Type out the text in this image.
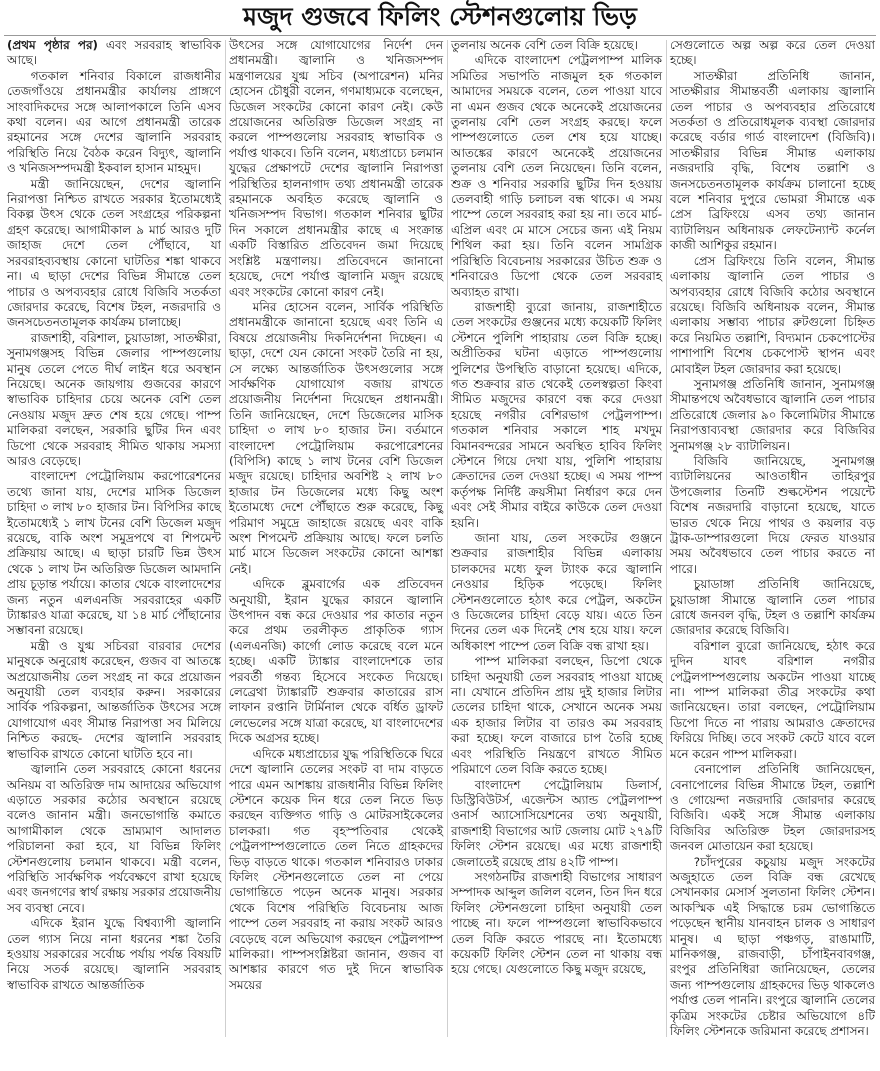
মজুদ গুজবে ফিলিং স্টেশনগুলোয় ভিড়

(প্রথম পৃষ্ঠার পর) এবং সরবরাহ স্বাভাবিক আছে।

গতকাল শনিবার বিকালে রাজধানীর তেজগাঁওয়ে প্রধানমন্ত্রীর কার্যালয় প্রাঙ্গণে সাংবাদিকদের সঙ্গে আলাপকালে তিনি এসব কথা বলেন। এর আগে প্রধানমন্ত্রী তারেক রহমানের সঙ্গে দেশের জ্বালানি সরবরাহ পরিস্থিতি নিয়ে বৈঠক করেন বিদ্যুৎ, জ্বালানি ও খনিজসম্পদমন্ত্রী ইকবাল হাসান মাহমুদ।

মন্ত্রী জানিয়েছেন, দেশের জ্বালানি নিরাপত্তা নিশ্চিত রাখতে সরকার ইতোমধ্যেই বিকল্প উৎস থেকে তেল সংগ্রহের পরিকল্পনা গ্রহণ করেছে। আগামীকাল ৯ মার্চ আরও দুটি জাহাজ দেশে তেল পৌঁছাবে, যা সরবরাহব্যবস্থায় কোনো ঘাটতির শঙ্কা থাকবে না। এ ছাড়া দেশের বিভিন্ন সীমান্তে তেল পাচার ও অপব্যবহার রোধে বিজিবি সতর্কতা জোরদার করেছে, বিশেষ টহল, নজরদারি ও জনসচেতনতামূলক কার্যক্রম চালাচ্ছে।

রাজশাহী, বরিশাল, চুয়াডাঙ্গা, সাতক্ষীরা, সুনামগঞ্জসহ বিভিন্ন জেলার পাম্পগুলোয় মানুষ তেলে পেতে দীর্ঘ লাইন ধরে অবস্থান নিয়েছে। অনেক জায়গায় গুজবের কারণে স্বাভাবিক চাহিদার চেয়ে অনেক বেশি তেল নেওয়ায় মজুদ দ্রুত শেষ হয়ে গেছে। পাম্প মালিকরা বলছেন, সরকারি ছুটির দিন এবং ডিপো থেকে সরবরাহ সীমিত থাকায় সমস্যা আরও বেড়েছে।

বাংলাদেশ পেট্রোলিয়াম করপোরেশনের তথ্যে জানা যায়, দেশের মাসিক ডিজেল চাহিদা ৩ লাখ ৮০ হাজার টন। বিপিসির কাছে ইতোমধ্যেই ১ লাখ টনের বেশি ডিজেল মজুদ রয়েছে, বাকি অংশ সমুদ্রপথে বা শিপমেন্ট প্রক্রিয়ায় আছে। এ ছাড়া চারটি ভিন্ন উৎস থেকে ১ লাখ টন অতিরিক্ত ডিজেল আমদানি প্রায় চূড়ান্ত পর্যায়ে। কাতার থেকে বাংলাদেশের জন্য নতুন এলএনজি সরবরাহের একটি ট্যাঙ্কারও যাত্রা করেছে, যা ১৪ মার্চ পৌঁছানোর সম্ভাবনা রয়েছে।

মন্ত্রী ও যুগ্ম সচিবরা বারবার দেশের মানুষকে অনুরোধ করেছেন, গুজব বা আতঙ্কে অপ্রয়োজনীয় তেল সংগ্রহ না করে প্রয়োজন অনুযায়ী তেল ব্যবহার করুন। সরকারের সার্বিক পরিকল্পনা, আন্তর্জাতিক উৎসের সঙ্গে যোগাযোগ এবং সীমান্ত নিরাপত্তা সব মিলিয়ে নিশ্চিত করছে- দেশের জ্বালানি সরবরাহ স্বাভাবিক রাখতে কোনো ঘাটতি হবে না।

জ্বালানি তেল সরবরাহে কোনো ধরনের অনিয়ম বা অতিরিক্ত দাম আদায়ের অভিযোগ এড়াতে সরকার কঠোর অবস্থানে রয়েছে বলেও জানান মন্ত্রী। জনভোগান্তি কমাতে আগামীকাল থেকে ভ্রাম্যমাণ আদালত পরিচালনা করা হবে, যা বিভিন্ন ফিলিং স্টেশনগুলোয় চলমান থাকবে। মন্ত্রী বলেন, পরিস্থিতি সার্বক্ষণিক পর্যবেক্ষণে রাখা হয়েছে এবং জনগণের স্বার্থ রক্ষায় সরকার প্রয়োজনীয় সব ব্যবস্থা নেবে।

এদিকে ইরান যুদ্ধে বিশ্বব্যাপী জ্বালানি তেল গ্যাস নিয়ে নানা ধরনের শঙ্কা তৈরি হওয়ায় সরকারের সর্বোচ্চ পর্যায় পর্যন্ত বিষয়টি নিয়ে সতর্ক রয়েছে। জ্বালানি সরবরাহ স্বাভাবিক রাখতে আন্তর্জাতিক

উৎসের সঙ্গে যোগাযোগের নির্দেশ দেন প্রধানমন্ত্রী। জ্বালানি ও খনিজসম্পদ মন্ত্রণালয়ের যুগ্ম সচিব (অপারেশন) মনির হোসেন চৌধুরী বলেন, গণমাধ্যমকে বলেছেন, ডিজেল সংকটের কোনো কারণ নেই। কেউ প্রয়োজনের অতিরিক্ত ডিজেল সংগ্রহ না করলে পাম্পগুলোয় সরবরাহ স্বাভাবিক ও পর্যাপ্ত থাকবে। তিনি বলেন, মধ্যপ্রাচ্যে চলমান যুদ্ধের প্রেক্ষাপটে দেশের জ্বালানি নিরাপত্তা পরিস্থিতির হালনাগাদ তথ্য প্রধানমন্ত্রী তারেক রহমানকে অবহিত করেছে জ্বালানি ও খনিজসম্পদ বিভাগ। গতকাল শনিবার ছুটির দিন সকালে প্রধানমন্ত্রীর কাছে এ সংক্রান্ত একটি বিস্তারিত প্রতিবেদন জমা দিয়েছে সংশ্লিষ্ট মন্ত্রণালয়। প্রতিবেদনে জানানো হয়েছে, দেশে পর্যাপ্ত জ্বালানি মজুদ রয়েছে এবং সংকটের কোনো কারণ নেই।

মনির হোসেন বলেন, সার্বিক পরিস্থিতি প্রধানমন্ত্রীকে জানানো হয়েছে এবং তিনি এ বিষয়ে প্রয়োজনীয় দিকনির্দেশনা দিচ্ছেন। এ ছাড়া, দেশে যেন কোনো সংকট তৈরি না হয়, সে লক্ষ্যে আন্তর্জাতিক উৎসগুলোর সঙ্গে সার্বক্ষণিক যোগাযোগ বজায় রাখতে প্রয়োজনীয় নির্দেশনা দিয়েছেন প্রধানমন্ত্রী। তিনি জানিয়েছেন, দেশে ডিজেলের মাসিক চাহিদা ৩ লাখ ৮০ হাজার টন। বর্তমানে বাংলাদেশ পেট্রোলিয়াম করপোরেশনের (বিপিসি) কাছে ১ লাখ টনের বেশি ডিজেল মজুদ রয়েছে। চাহিদার অবশিষ্ট ২ লাখ ৮০ হাজার টন ডিজেলের মধ্যে কিছু অংশ ইতোমধ্যে দেশে পৌঁছাতে শুরু করেছে, কিছু পরিমাণ সমুদ্রে জাহাজে রয়েছে এবং বাকি অংশ শিপমেন্ট প্রক্রিয়ায় আছে। ফলে চলতি মার্চ মাসে ডিজেল সংকটের কোনো আশঙ্কা নেই।

এদিকে ব্লুমবার্গের এক প্রতিবেদন অনুযায়ী, ইরান যুদ্ধের কারনে জ্বালানি উৎপাদন বন্ধ করে দেওয়ার পর কাতার নতুন করে প্রথম তরলীকৃত প্রাকৃতিক গ্যাস (এলএনজি) কার্গো লোড করেছে বলে মনে হচ্ছে। একটি ট্যাঙ্কার বাংলাদেশকে তার পরবর্তী গন্তব্য হিসেবে সংকেত দিয়েছে। লেব্রেথা ট্যাঙ্কারটি শুক্রবার কাতারের রাস লাফান রপ্তানি টার্মিনাল থেকে বর্ধিত ড্রাফট লেভেলের সঙ্গে যাত্রা করেছে, যা বাংলাদেশের দিকে অগ্রসর হচ্ছে।

এদিকে মধ্যপ্রাচ্যের যুদ্ধ পরিস্থিতিকে ঘিরে দেশে জ্বালানি তেলের সংকট বা দাম বাড়তে পারে এমন আশঙ্কায় রাজধানীর বিভিন্ন ফিলিং স্টেশনে কয়েক দিন ধরে তেল নিতে ভিড় করছেন ব্যক্তিগত গাড়ি ও মোটরসাইকেলের চালকরা। গত বৃহস্পতিবার থেকেই পেট্রলপাম্পগুলোতে তেল নিতে গ্রাহকদের ভিড় বাড়তে থাকে। গতকাল শনিবারও ঢাকার ফিলিং স্টেশনগুলোতে তেল না পেয়ে ভোগান্তিতে পড়েন অনেক মানুষ। সরকার থেকে বিশেষ পরিস্থিতি বিবেচনায় আজ পাম্পে তেল সরবরাহ না করায় সংকট আরও বেড়েছে বলে অভিযোগ করছেন পেট্রলপাম্প মালিকরা। পাম্পসংশ্লিষ্টরা জানান, গুজব বা আশঙ্কার কারণে গত দুই দিনে স্বাভাবিক সময়ের

তুলনায় অনেক বেশি তেল বিক্রি হয়েছে।

এদিকে বাংলাদেশ পেট্রলপাম্প মালিক সমিতির সভাপতি নাজমুল হক গতকাল আমাদের সময়কে বলেন, তেল পাওয়া যাবে না এমন গুজব থেকে অনেকেই প্রয়োজনের তুলনায় বেশি তেল সংগ্রহ করছে। ফলে পাম্পগুলোতে তেল শেষ হয়ে যাচ্ছে। আতঙ্কের কারণে অনেকেই প্রয়োজনের তুলনায় বেশি তেল নিয়েছেন। তিনি বলেন, শুক্র ও শনিবার সরকারি ছুটির দিন হওয়ায় তেলবাহী গাড়ি চলাচল বন্ধ থাকে। এ সময় পাম্পে তেলে সরবরাহ করা হয় না। তবে মার্চ-এপ্রিল এবং মে মাসে সেচের জন্য এই নিয়ম শিথিল করা হয়। তিনি বলেন সামগ্রিক পরিস্থিতি বিবেচনায় সরকারের উচিত শুক্র ও শনিবারেও ডিপো থেকে তেল সরবরাহ অব্যাহত রাখা।

রাজশাহী ব্যুরো জানায়, রাজশাহীতে তেল সংকটের গুঞ্জনের মধ্যে কয়েকটি ফিলিং স্টেশনে পুলিশি পাহারায় তেল বিক্রি হচ্ছে। অপ্রীতিকর ঘটনা এড়াতে পাম্পগুলোয় পুলিশের উপস্থিতি বাড়ানো হয়েছে। এদিকে, গত শুক্রবার রাত থেকেই তেলস্বল্পতা কিংবা সীমিত মজুদের কারণে বন্ধ করে দেওয়া হয়েছে নগরীর বেশিরভাগ পেট্রলপাম্প। গতকাল শনিবার সকালে শাহ মখদুম বিমানবন্দরের সামনে অবস্থিত হাবিব ফিলিং স্টেশনে গিয়ে দেখা যায়, পুলিশি পাহারায় ক্রেতাদের তেল দেওয়া হচ্ছে। এ সময় পাম্প কর্তৃপক্ষ নির্দিষ্ট ক্রয়সীমা নির্ধারণ করে দেন এবং সেই সীমার বাইরে কাউকে তেল দেওয়া হয়নি।

জানা যায়, তেল সংকটের গুঞ্জনে শুক্রবার রাজশাহীর বিভিন্ন এলাকায় চালকদের মধ্যে ফুল ট্যাংক করে জ্বালানি নেওয়ার হিড়িক পড়েছে। ফিলিং স্টেশনগুলোতে হঠাৎ করে পেট্রল, অকটেন ও ডিজেলের চাহিদা বেড়ে যায়। এতে তিন দিনের তেল এক দিনেই শেষ হয়ে যায়। ফলে অধিকাংশ পাম্পে তেল বিক্রি বন্ধ রাখা হয়।

পাম্প মালিকরা বলছেন, ডিপো থেকে চাহিদা অনুযায়ী তেল সরবরাহ পাওয়া যাচ্ছে না। যেখানে প্রতিদিন প্রায় দুই হাজার লিটার তেলের চাহিদা থাকে, সেখানে অনেক সময় এক হাজার লিটার বা তারও কম সরবরাহ করা হচ্ছে। ফলে বাজারে চাপ তৈরি হচ্ছে এবং পরিস্থিতি নিয়ন্ত্রণে রাখতে সীমিত পরিমাণে তেল বিক্রি করতে হচ্ছে।

বাংলাদেশ পেট্রোলিয়াম ডিলার্স, ডিস্ট্রিবিউটর্স, এজেন্টস অ্যান্ড পেট্রলপাম্প ওনার্স অ্যাসোসিয়েশনের তথ্য অনুযায়ী, রাজশাহী বিভাগের আট জেলায় মোট ২৭৯টি ফিলিং স্টেশন রয়েছে। এর মধ্যে রাজশাহী জেলাতেই রয়েছে প্রায় ৪২টি পাম্প।

সংগঠনটির রাজশাহী বিভাগের সাধারণ সম্পাদক আব্দুল জলিল বলেন, তিন দিন ধরে ফিলিং স্টেশনগুলো চাহিদা অনুযায়ী তেল পাচ্ছে না। ফলে পাম্পগুলো স্বাভাবিকভাবে তেল বিক্রি করতে পারছে না। ইতোমধ্যে কয়েকটি ফিলিং স্টেশন তেল না থাকায় বন্ধ হয়ে গেছে। যেগুলোতে কিছু মজুদ রয়েছে,

সেগুলোতে অল্প অল্প করে তেল দেওয়া হচ্ছে।

সাতক্ষীরা প্রতিনিধি জানান, সাতক্ষীরার সীমান্তবর্তী এলাকায় জ্বালানি তেল পাচার ও অপব্যবহার প্রতিরোধে সতর্কতা ও প্রতিরোধমূলক ব্যবস্থা জোরদার করেছে বর্ডার গার্ড বাংলাদেশ (বিজিবি)। সাতক্ষীরার বিভিন্ন সীমান্ত এলাকায় নজরদারি বৃদ্ধি, বিশেষ তল্লাশি ও জনসচেতনতামূলক কার্যক্রম চালানো হচ্ছে বলে শনিবার দুপুরে ভোমরা সীমান্তে এক প্রেস ব্রিফিংয়ে এসব তথ্য জানান ব্যাটালিয়ন অধিনায়ক লেফটেন্যান্ট কর্নেল কাজী আশিকুর রহমান।

প্রেস ব্রিফিংয়ে তিনি বলেন, সীমান্ত এলাকায় জ্বালানি তেল পাচার ও অপব্যবহার রোধে বিজিবি কঠোর অবস্থানে রয়েছে। বিজিবি অধিনায়ক বলেন, সীমান্ত এলাকায় সম্ভাব্য পাচার রুটগুলো চিহ্নিত করে নিয়মিত তল্লাশি, বিদ্যমান চেকপোস্টের পাশাপাশি বিশেষ চেকপোস্ট স্থাপন এবং মোবাইল টহল জোরদার করা হয়েছে।

সুনামগঞ্জ প্রতিনিধি জানান, সুনামগঞ্জ সীমান্তপথে অবৈধভাবে জ্বালানি তেল পাচার প্রতিরোধে জেলার ৯০ কিলোমিটার সীমান্তে নিরাপত্তাব্যবস্থা জোরদার করে বিজিবির সুনামগঞ্জ ২৮ ব্যাটালিয়ন।

বিজিবি জানিয়েছে, সুনামগঞ্জ ব্যাটালিয়নের আওতাধীন তাহিরপুর উপজেলার তিনটি শুল্কস্টেশন পয়েন্টে বিশেষ নজরদারি বাড়ানো হয়েছে, যাতে ভারত থেকে নিয়ে পাথর ও কয়লার বড় ট্রাক-ডাম্পারগুলো দিয়ে ফেরত যাওয়ার সময় অবৈধভাবে তেল পাচার করতে না পারে।

চুয়াডাঙ্গা প্রতিনিধি জানিয়েছে, চুয়াডাঙ্গা সীমান্তে জ্বালানি তেল পাচার রোধে জনবল বৃদ্ধি, টহল ও তল্লাশি কার্যক্রম জোরদার করেছে বিজিবি।

বরিশাল ব্যুরো জানিয়েছে, হঠাৎ করে দুদিন যাবৎ বরিশাল নগরীর পেট্রলপাম্পগুলোয় অকটেন পাওয়া যাচ্ছে না। পাম্প মালিকরা তীব্র সংকটের কথা জানিয়েছেন। তারা বলছেন, পেট্রোলিয়াম ডিপো দিতে না পারায় আমরাও ক্রেতাদের ফিরিয়ে দিচ্ছি। তবে সংকট কেটে যাবে বলে মনে করেন পাম্প মালিকরা।

বেনাপোল প্রতিনিধি জানিয়েছেন, বেনাপোলের বিভিন্ন সীমান্তে টহল, তল্লাশি ও গোয়েন্দা নজরদারি জোরদার করেছে বিজিবি। একই সঙ্গে সীমান্ত এলাকায় বিজিবির অতিরিক্ত টহল জোরদারসহ জনবল মোতায়েন করা হয়েছে।

?চাঁদপুরের কচুয়ায় মজুদ সংকটের অজুহাতে তেল বিক্রি বন্ধ রেখেছে সেখানকার মেসার্স সুলতানা ফিলিং স্টেশন। আকস্মিক এই সিদ্ধান্তে চরম ভোগান্তিতে পড়েছেন স্থানীয় যানবাহন চালক ও সাধারণ মানুষ। এ ছাড়া পঞ্চগড়, রাঙামাটি, মানিকগঞ্জ, রাজবাড়ী, চাঁপাইনবাবগঞ্জ, রংপুর প্রতিনিধিরা জানিয়েছেন, তেলের জন্য পাম্পগুলোয় গ্রাহকদের ভিড় থাকলেও পর্যাপ্ত তেল পাননি। রংপুরে জ্বালানি তেলের কৃত্রিম সংকটের চেষ্টার অভিযোগে ৪টি ফিলিং স্টেশনকে জরিমানা করেছে প্রশাসন।
